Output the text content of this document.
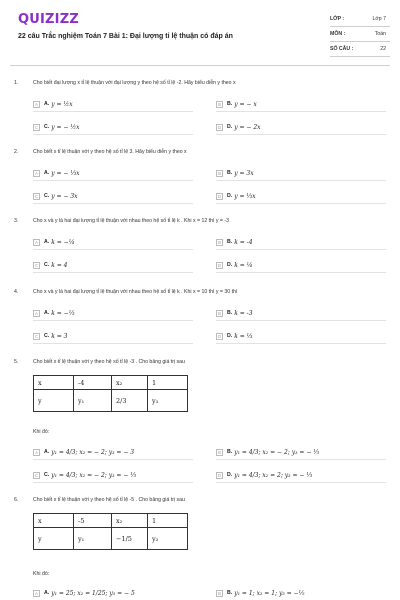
QUIZIZZ
22 câu Trắc nghiệm Toán 7 Bài 1: Đại lượng tỉ lệ thuận có đáp án
LỚP :	Lớp 7
MÔN :	Toán
SỐ CÂU :	22
1.	Cho biết đại lượng x tỉ lệ thuận với đại lượng y theo hệ số tỉ lệ -2. Hãy biểu diễn y theo x
A	A. y = ½x	B	B. y = − x
C	C. y = − ½x	D	D. y = − 2x
2.	Cho biết x tỉ lệ thuận với y theo hệ số tỉ lệ 3. Hãy biểu diễn y theo x
A	A. y = − ⅓x	B	B. y = 3x
C	C. y = − 3x	D	D. y = ⅓x
3.	Cho x và y là hai đại lượng tỉ lệ thuận với nhau theo hệ số tỉ lệ k . Khi x = 12 thì y = -3
A	A. k = −¼	B	B. k = -4
C	C. k = 4	D	D. k = ¼
4.	Cho x và y là hai đại lượng tỉ lệ thuận với nhau theo hệ số tỉ lệ k . Khi x = 10 thì y = 30 thì
A	A. k = −⅓	B	B. k = -3
C	C. k = 3	D	D. k = ⅓
5.	Cho biết x tỉ lệ thuận với y theo hệ số tỉ lệ -3 . Cho bảng giá trị sau
x	-4	x₂	1
y	y₁	2/3	y₃
Khi đó:
A	A. y₁ = 4/3; x₂ = − 2; y₃ = − 3	B	B. y₁ = 4/3; x₂ = − 2; y₃ = − ⅓
C	C. y₁ = 4/3; x₂ = − 2; y₃ = − ⅓	D	D. y₁ = 4/3; x₂ = 2; y₃ = − ⅓
6.	Cho biết x tỉ lệ thuận với y theo hệ số tỉ lệ -5 . Cho bảng giá trị sau
x	-5	x₂	1
y	y₁	−1/5	y₃
Khi đó:
A	A. y₁ = 25; x₂ = 1/25; y₃ = − 5	B	B. y₁ = 1; x₂ = 1; y₃ = −⅕
